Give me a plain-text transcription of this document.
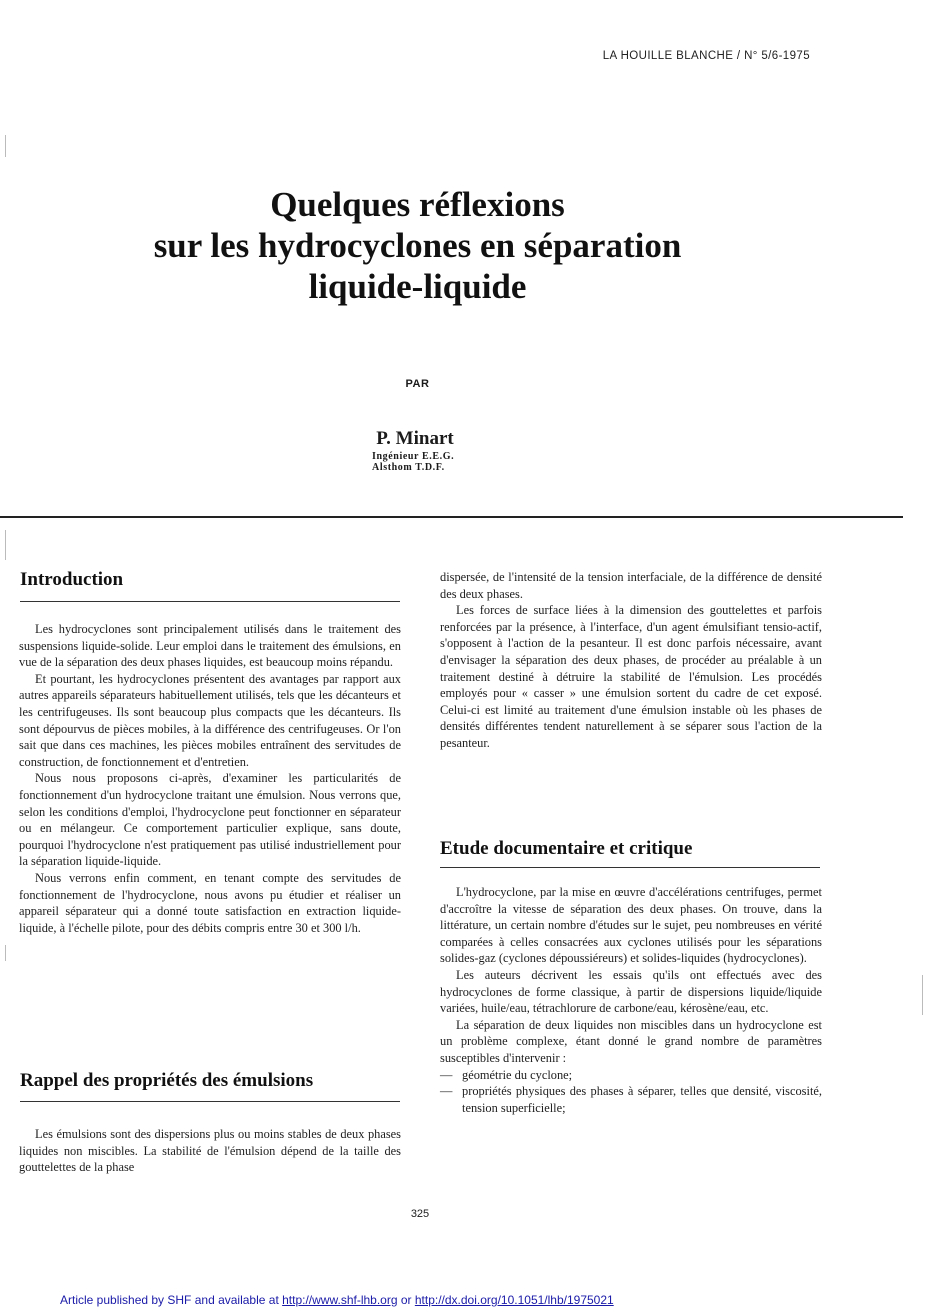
LA HOUILLE BLANCHE / N° 5/6-1975
Quelques réflexions
sur les hydrocyclones en séparation
liquide-liquide
PAR
P. Minart
Ingénieur E.E.G.
Alsthom T.D.F.
Introduction

Les hydrocyclones sont principalement utilisés dans le traitement des suspensions liquide-solide. Leur emploi dans le traitement des émulsions, en vue de la séparation des deux phases liquides, est beaucoup moins répandu.

Et pourtant, les hydrocyclones présentent des avantages par rapport aux autres appareils séparateurs habituellement utilisés, tels que les décanteurs et les centrifugeuses. Ils sont beaucoup plus compacts que les décanteurs. Ils sont dépourvus de pièces mobiles, à la différence des centrifugeuses. Or l'on sait que dans ces machines, les pièces mobiles entraînent des servitudes de construction, de fonctionnement et d'entretien.

Nous nous proposons ci-après, d'examiner les particularités de fonctionnement d'un hydrocyclone traitant une émulsion. Nous verrons que, selon les conditions d'emploi, l'hydrocyclone peut fonctionner en séparateur ou en mélangeur. Ce comportement particulier explique, sans doute, pourquoi l'hydrocyclone n'est pratiquement pas utilisé industriellement pour la séparation liquide-liquide.

Nous verrons enfin comment, en tenant compte des servitudes de fonctionnement de l'hydrocyclone, nous avons pu étudier et réaliser un appareil séparateur qui a donné toute satisfaction en extraction liquide-liquide, à l'échelle pilote, pour des débits compris entre 30 et 300 l/h.

Rappel des propriétés des émulsions

Les émulsions sont des dispersions plus ou moins stables de deux phases liquides non miscibles. La stabilité de l'émulsion dépend de la taille des gouttelettes de la phase

dispersée, de l'intensité de la tension interfaciale, de la différence de densité des deux phases.

Les forces de surface liées à la dimension des gouttelettes et parfois renforcées par la présence, à l'interface, d'un agent émulsifiant tensio-actif, s'opposent à l'action de la pesanteur. Il est donc parfois nécessaire, avant d'envisager la séparation des deux phases, de procéder au préalable à un traitement destiné à détruire la stabilité de l'émulsion. Les procédés employés pour « casser » une émulsion sortent du cadre de cet exposé. Celui-ci est limité au traitement d'une émulsion instable où les phases de densités différentes tendent naturellement à se séparer sous l'action de la pesanteur.

Etude documentaire et critique

L'hydrocyclone, par la mise en œuvre d'accélérations centrifuges, permet d'accroître la vitesse de séparation des deux phases. On trouve, dans la littérature, un certain nombre d'études sur le sujet, peu nombreuses en vérité comparées à celles consacrées aux cyclones utilisés pour les séparations solides-gaz (cyclones dépoussiéreurs) et solides-liquides (hydrocyclones).

Les auteurs décrivent les essais qu'ils ont effectués avec des hydrocyclones de forme classique, à partir de dispersions liquide/liquide variées, huile/eau, tétrachlorure de carbone/eau, kérosène/eau, etc.

La séparation de deux liquides non miscibles dans un hydrocyclone est un problème complexe, étant donné le grand nombre de paramètres susceptibles d'intervenir :

— géométrie du cyclone;

— propriétés physiques des phases à séparer, telles que densité, viscosité, tension superficielle;

325
Article published by SHF and available at http://www.shf-lhb.org or http://dx.doi.org/10.1051/lhb/1975021
